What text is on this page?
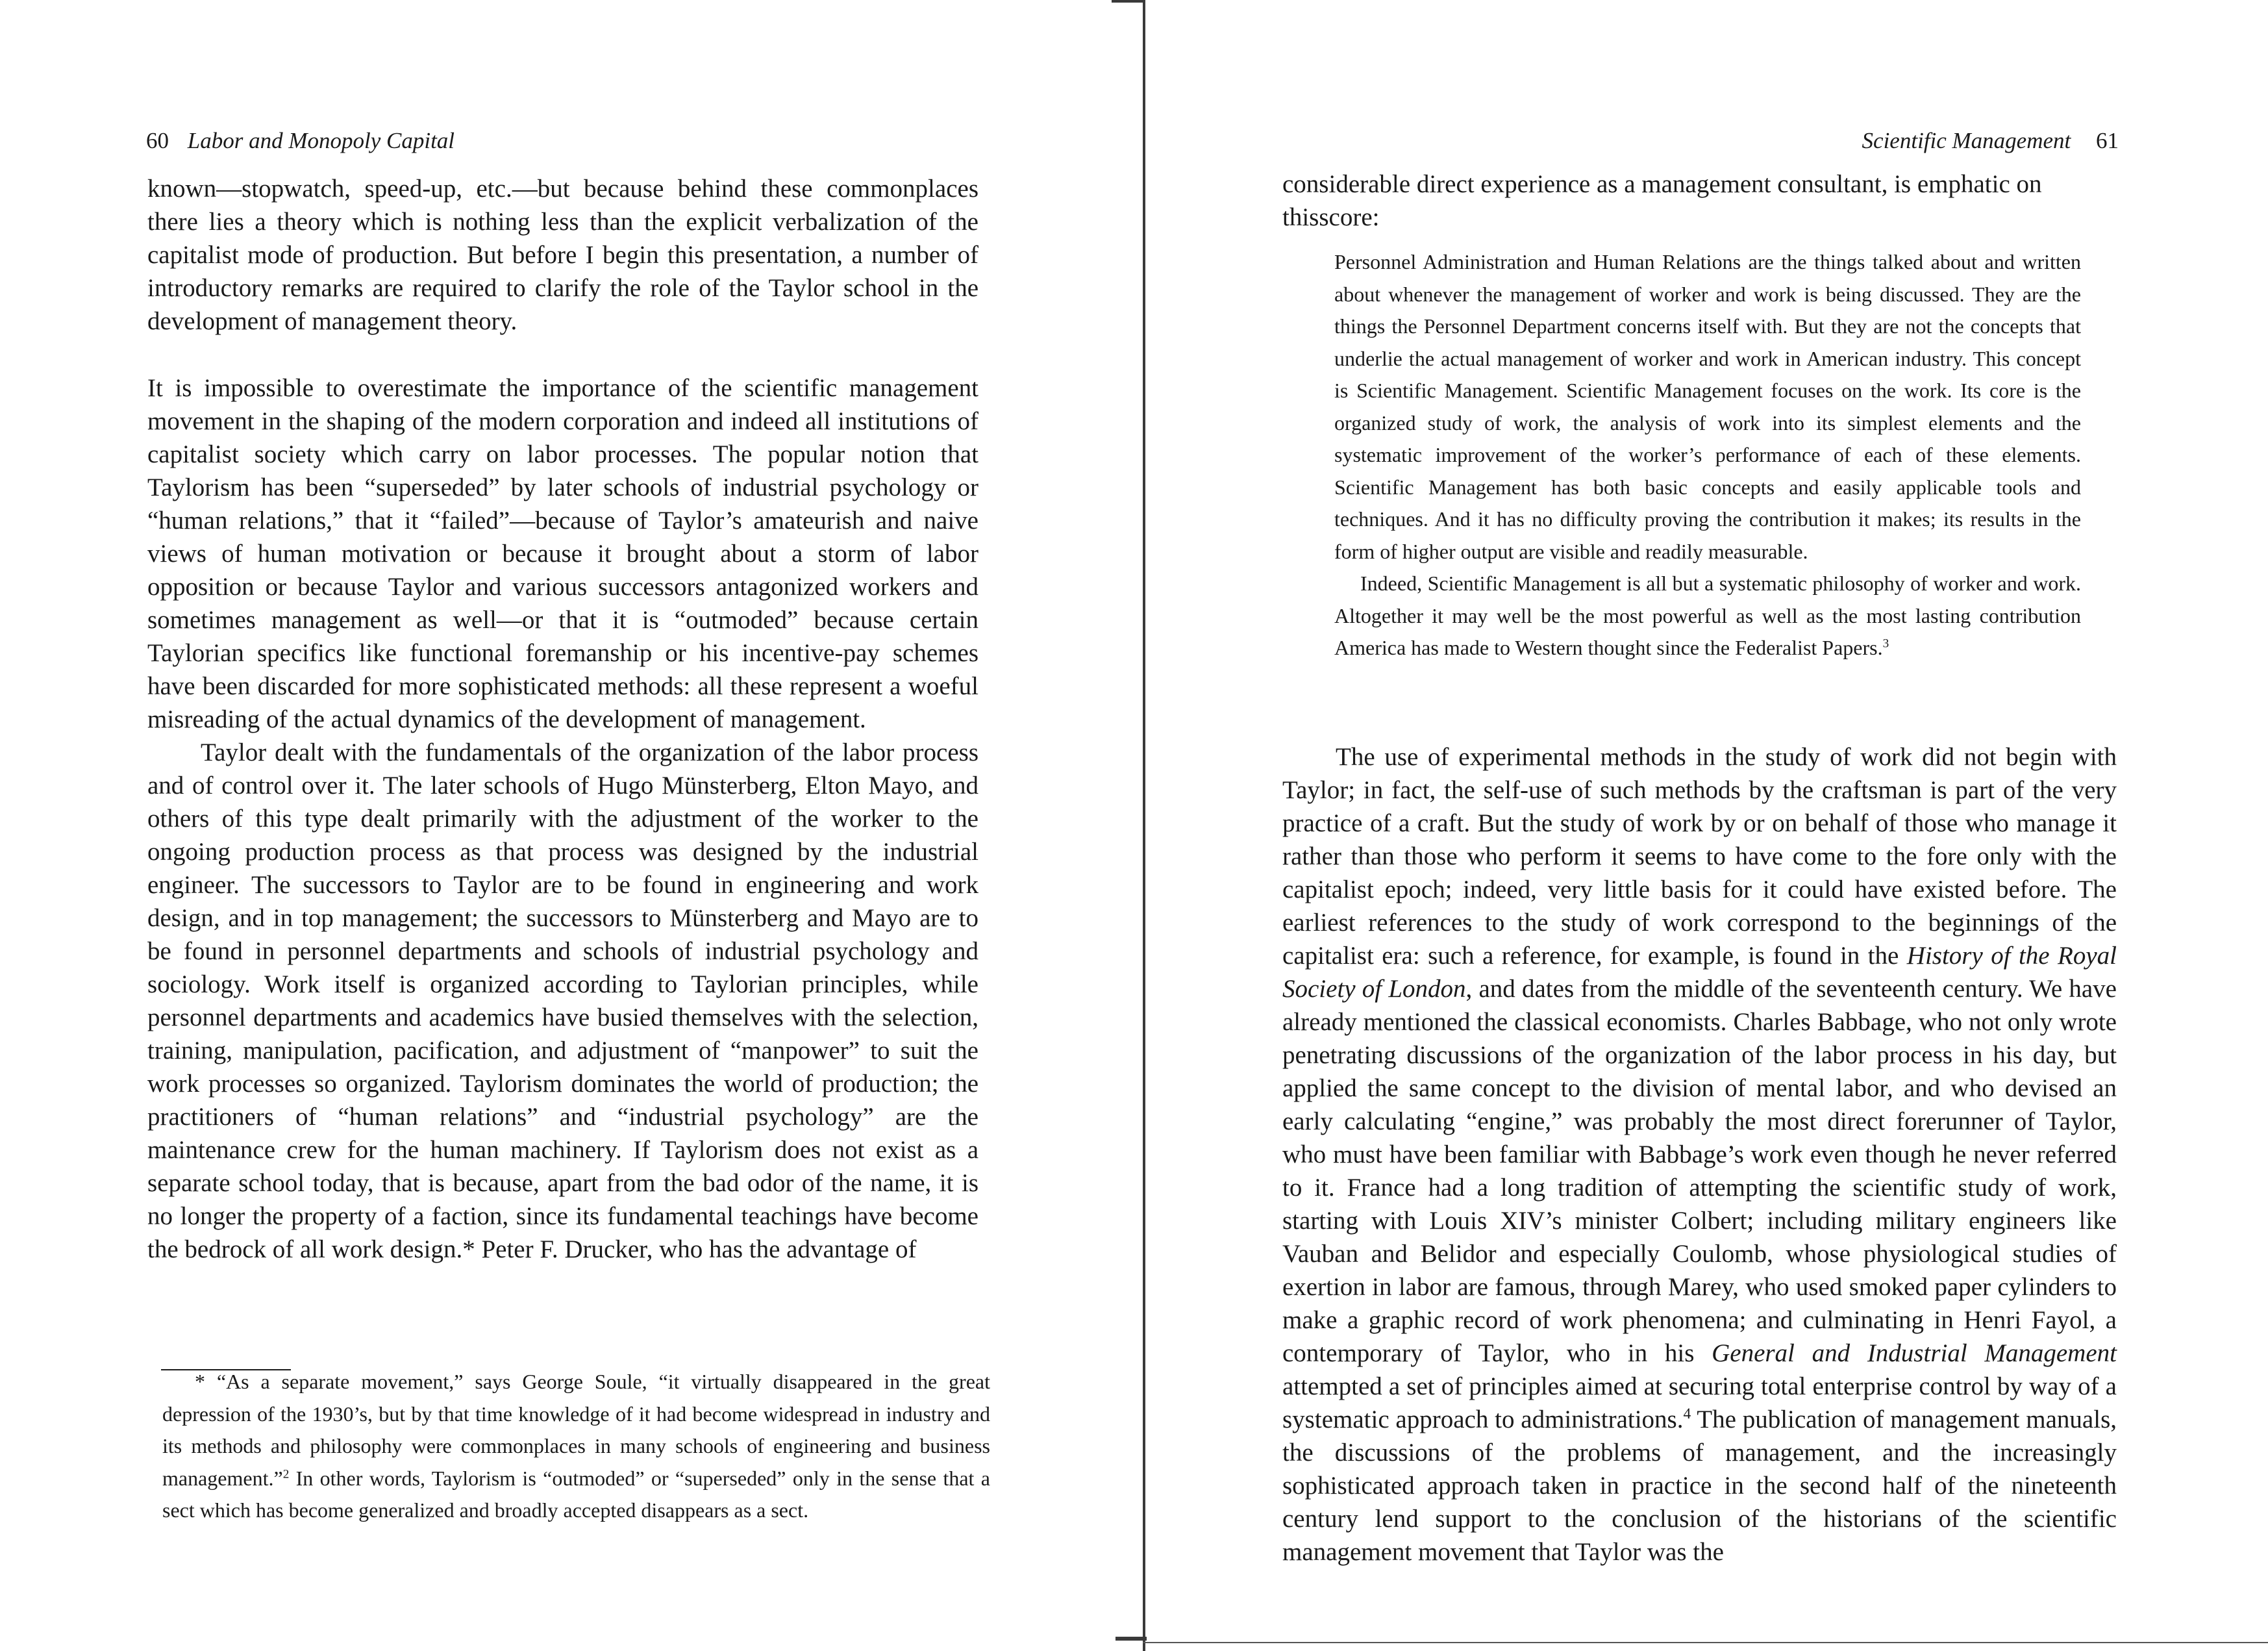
60 Labor and Monopoly Capital

known—stopwatch, speed-up, etc.—but because behind these commonplaces there lies a theory which is nothing less than the explicit verbalization of the capitalist mode of production. But before I begin this presentation, a number of introductory remarks are required to clarify the role of the Taylor school in the development of management theory.

It is impossible to overestimate the importance of the scientific management movement in the shaping of the modern corporation and indeed all institutions of capitalist society which carry on labor processes. The popular notion that Taylorism has been “superseded” by later schools of industrial psychology or “human relations,” that it “failed”—because of Taylor’s amateurish and naive views of human motivation or because it brought about a storm of labor opposition or because Taylor and various successors antagonized workers and sometimes management as well—or that it is “outmoded” because certain Taylorian specifics like functional foremanship or his incentive-pay schemes have been discarded for more sophisticated methods: all these represent a woeful misreading of the actual dynamics of the development of management.

Taylor dealt with the fundamentals of the organization of the labor process and of control over it. The later schools of Hugo Münsterberg, Elton Mayo, and others of this type dealt primarily with the adjustment of the worker to the ongoing production process as that process was designed by the industrial engineer. The successors to Taylor are to be found in engineering and work design, and in top management; the successors to Münsterberg and Mayo are to be found in personnel departments and schools of industrial psychology and sociology. Work itself is organized according to Taylorian principles, while personnel departments and academics have busied themselves with the selection, training, manipulation, pacification, and adjustment of “manpower” to suit the work processes so organized. Taylorism dominates the world of production; the practitioners of “human relations” and “industrial psychology” are the maintenance crew for the human machinery. If Taylorism does not exist as a separate school today, that is because, apart from the bad odor of the name, it is no longer the property of a faction, since its fundamental teachings have become the bedrock of all work design.* Peter F. Drucker, who has the advantage of

* “As a separate movement,” says George Soule, “it virtually disappeared in the great depression of the 1930’s, but by that time knowledge of it had become widespread in industry and its methods and philosophy were commonplaces in many schools of engineering and business management.”$^2$ In other words, Taylorism is “outmoded” or “superseded” only in the sense that a sect which has become generalized and broadly accepted disappears as a sect.

Scientific Management 61
considerable direct experience as a management consultant, is emphatic on
thisscore:

Personnel Administration and Human Relations are the things talked about and written about whenever the management of worker and work is being discussed. They are the things the Personnel Department concerns itself with. But they are not the concepts that underlie the actual management of worker and work in American industry. This concept is Scientific Management. Scientific Management focuses on the work. Its core is the organized study of work, the analysis of work into its simplest elements and the systematic improvement of the worker’s performance of each of these elements. Scientific Management has both basic concepts and easily applicable tools and techniques. And it has no difficulty proving the contribution it makes; its results in the form of higher output are visible and readily measurable.

Indeed, Scientific Management is all but a systematic philosophy of worker and work. Altogether it may well be the most powerful as well as the most lasting contribution America has made to Western thought since the Federalist Papers.$^3$

The use of experimental methods in the study of work did not begin with Taylor; in fact, the self-use of such methods by the craftsman is part of the very practice of a craft. But the study of work by or on behalf of those who manage it rather than those who perform it seems to have come to the fore only with the capitalist epoch; indeed, very little basis for it could have existed before. The earliest references to the study of work correspond to the beginnings of the capitalist era: such a reference, for example, is found in the History of the Royal Society of London, and dates from the middle of the seventeenth century. We have already mentioned the classical economists. Charles Babbage, who not only wrote penetrating discussions of the organization of the labor process in his day, but applied the same concept to the division of mental labor, and who devised an early calculating “engine,” was probably the most direct forerunner of Taylor, who must have been familiar with Babbage’s work even though he never referred to it. France had a long tradition of attempting the scientific study of work, starting with Louis XIV’s minister Colbert; including military engineers like Vauban and Belidor and especially Coulomb, whose physiological studies of exertion in labor are famous, through Marey, who used smoked paper cylinders to make a graphic record of work phenomena; and culminating in Henri Fayol, a contemporary of Taylor, who in his General and Industrial Management attempted a set of principles aimed at securing total enterprise control by way of a systematic approach to administrations.$^4$ The publication of management manuals, the discussions of the problems of management, and the increasingly sophisticated approach taken in practice in the second half of the nineteenth century lend support to the conclusion of the historians of the scientific management movement that Taylor was the
